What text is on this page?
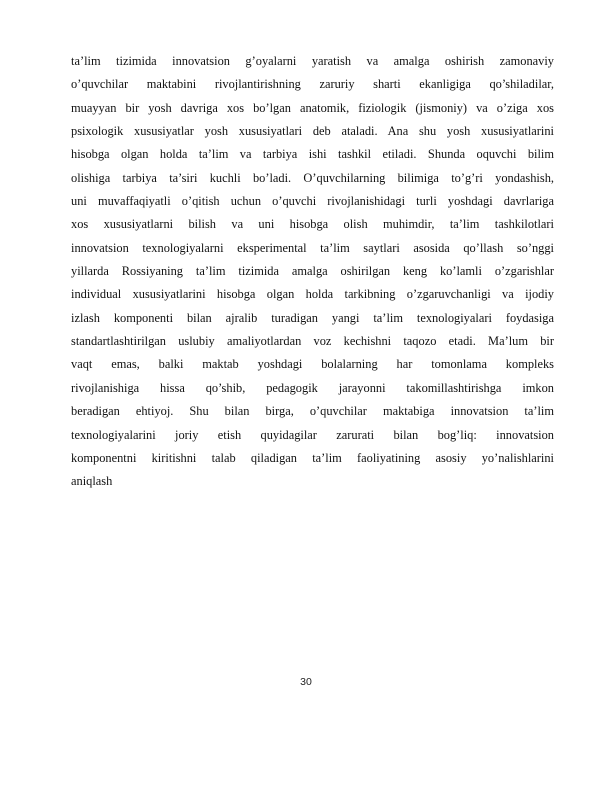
ta’lim tizimida innovatsion g’oyalarni yaratish va amalga oshirish zamonaviy
o’quvchilar maktabini rivojlantirishning zaruriy sharti ekanligiga qo’shiladilar,
muayyan bir yosh davriga xos bo’lgan anatomik, fiziologik (jismoniy) va o’ziga xos
psixologik xususiyatlar yosh xususiyatlari deb ataladi. Ana shu yosh xususiyatlarini
hisobga olgan holda ta’lim va tarbiya ishi tashkil etiladi. Shunda oquvchi bilim
olishiga tarbiya ta’siri kuchli bo’ladi. O’quvchilarning bilimiga to’g’ri yondashish,
uni muvaffaqiyatli o’qitish uchun o’quvchi rivojlanishidagi turli yoshdagi davrlariga
xos xususiyatlarni bilish va uni hisobga olish muhimdir, ta’lim tashkilotlari
innovatsion texnologiyalarni eksperimental ta’lim saytlari asosida qo’llash so’nggi
yillarda Rossiyaning ta’lim tizimida amalga oshirilgan keng ko’lamli o’zgarishlar
individual xususiyatlarini hisobga olgan holda tarkibning o’zgaruvchanligi va ijodiy
izlash komponenti bilan ajralib turadigan yangi ta’lim texnologiyalari foydasiga
standartlashtirilgan uslubiy amaliyotlardan voz kechishni taqozo etadi. Ma’lum bir
vaqt emas, balki maktab yoshdagi bolalarning har tomonlama kompleks
rivojlanishiga hissa qo’shib, pedagogik jarayonni takomillashtirishga imkon
beradigan ehtiyoj. Shu bilan birga, o’quvchilar maktabiga innovatsion ta’lim
texnologiyalarini joriy etish quyidagilar zarurati bilan bog’liq: innovatsion
komponentni kiritishni talab qiladigan ta’lim faoliyatining asosiy yo’nalishlarini
aniqlash
30
